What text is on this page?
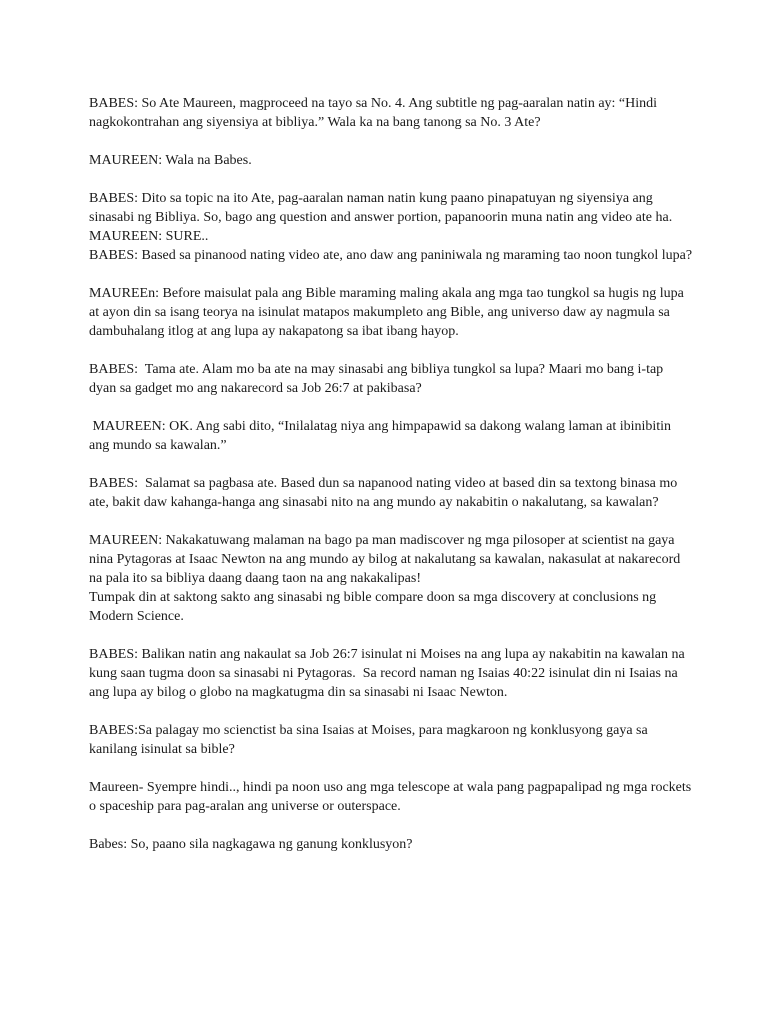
BABES: So Ate Maureen, magproceed na tayo sa No. 4. Ang subtitle ng pag-aaralan natin ay: “Hindi nagkokontrahan ang siyensiya at bibliya.” Wala ka na bang tanong sa No. 3 Ate?

MAUREEN: Wala na Babes.

BABES: Dito sa topic na ito Ate, pag-aaralan naman natin kung paano pinapatuyan ng siyensiya ang sinasabi ng Bibliya. So, bago ang question and answer portion, papanoorin muna natin ang video ate ha.

MAUREEN: SURE..

BABES: Based sa pinanood nating video ate, ano daw ang paniniwala ng maraming tao noon tungkol lupa?

MAUREEn: Before maisulat pala ang Bible maraming maling akala ang mga tao tungkol sa hugis ng lupa at ayon din sa isang teorya na isinulat matapos makumpleto ang Bible, ang universo daw ay nagmula sa dambuhalang itlog at ang lupa ay nakapatong sa ibat ibang hayop.

BABES:  Tama ate. Alam mo ba ate na may sinasabi ang bibliya tungkol sa lupa? Maari mo bang i-tap dyan sa gadget mo ang nakarecord sa Job 26:7 at pakibasa?

MAUREEN: OK. Ang sabi dito, “Inilalatag niya ang himpapawid sa dakong walang laman at ibinibitin ang mundo sa kawalan.”

BABES:  Salamat sa pagbasa ate. Based dun sa napanood nating video at based din sa textong binasa mo ate, bakit daw kahanga-hanga ang sinasabi nito na ang mundo ay nakabitin o nakalutang, sa kawalan?

MAUREEN: Nakakatuwang malaman na bago pa man madiscover ng mga pilosoper at scientist na gaya nina Pytagoras at Isaac Newton na ang mundo ay bilog at nakalutang sa kawalan, nakasulat at nakarecord na pala ito sa bibliya daang daang taon na ang nakakalipas!

Tumpak din at saktong sakto ang sinasabi ng bible compare doon sa mga discovery at conclusions ng Modern Science.

BABES: Balikan natin ang nakaulat sa Job 26:7 isinulat ni Moises na ang lupa ay nakabitin na kawalan na kung saan tugma doon sa sinasabi ni Pytagoras.  Sa record naman ng Isaias 40:22 isinulat din ni Isaias na ang lupa ay bilog o globo na magkatugma din sa sinasabi ni Isaac Newton.

BABES:Sa palagay mo scienctist ba sina Isaias at Moises, para magkaroon ng konklusyong gaya sa kanilang isinulat sa bible?

Maureen- Syempre hindi.., hindi pa noon uso ang mga telescope at wala pang pagpapalipad ng mga rockets o spaceship para pag-aralan ang universe or outerspace.

Babes: So, paano sila nagkagawa ng ganung konklusyon?
